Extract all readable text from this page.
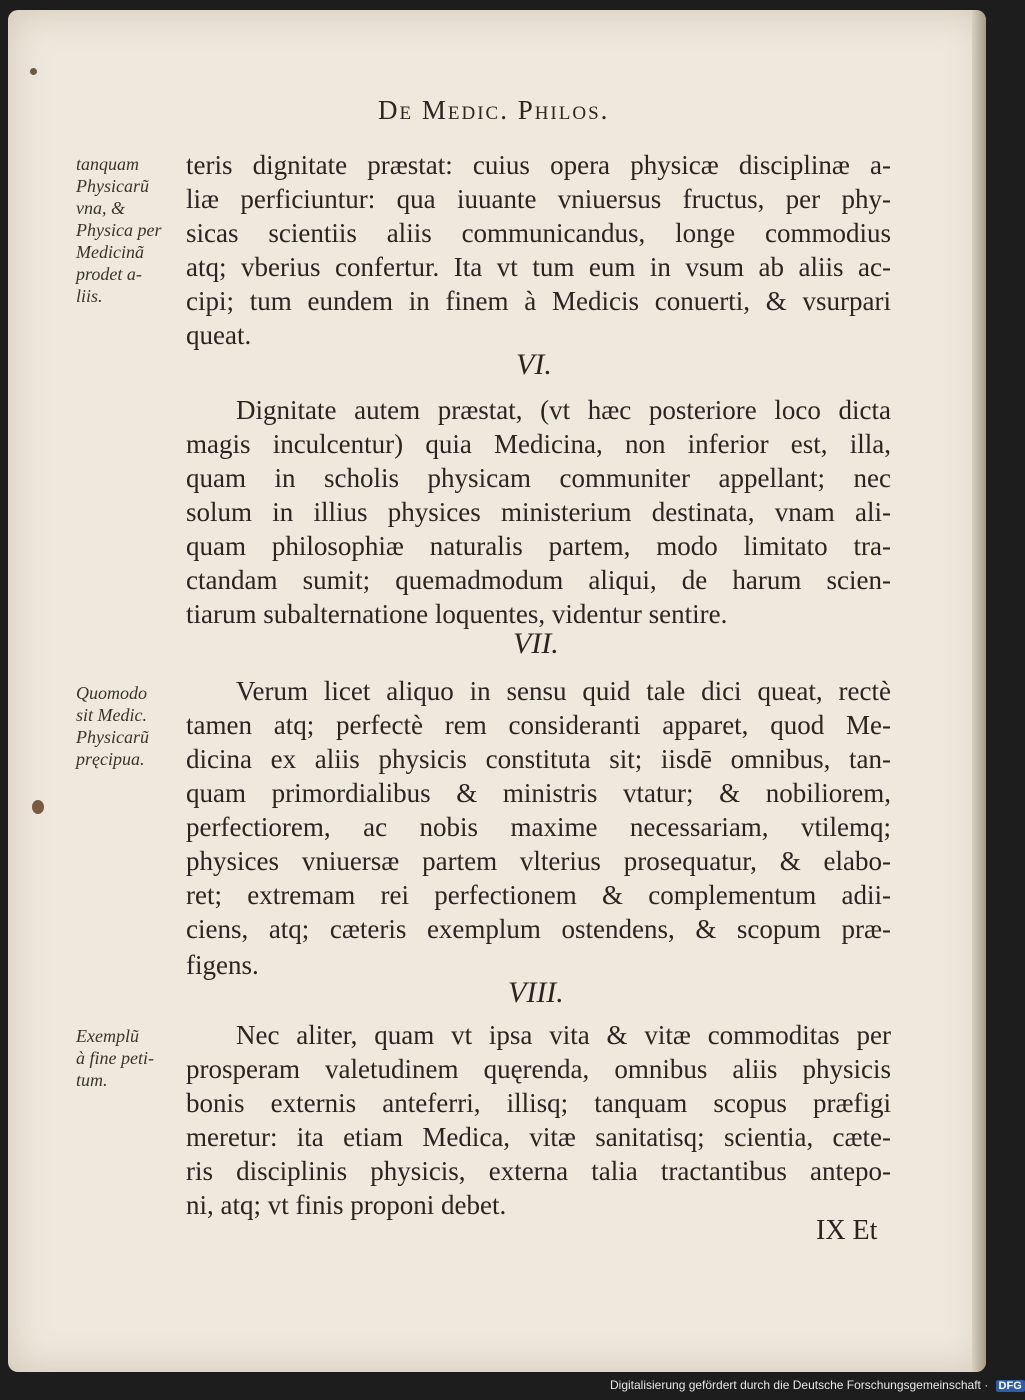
De Medic. Philos.
tanquam
Physicarũ
vna, &
Physica per
Medicinã
prodet a-
liis.
Quomodo
sit Medic.
Physicarũ
pręcipua.
Exemplũ
à fine peti-
tum.
teris dignitate præstat: cuius opera physicæ disciplinæ a-
liæ perficiuntur: qua iuuante vniuersus fructus, per phy-
sicas scientiis aliis communicandus, longe commodius
atq; vberius confertur. Ita vt tum eum in vsum ab aliis ac-
cipi; tum eundem in finem à Medicis conuerti, & vsurpari
queat.
VI.
Dignitate autem præstat, (vt hæc posteriore loco dicta
magis inculcentur) quia Medicina, non inferior est, illa,
quam in scholis physicam communiter appellant; nec
solum in illius physices ministerium destinata, vnam ali-
quam philosophiæ naturalis partem, modo limitato tra-
ctandam sumit; quemadmodum aliqui, de harum scien-
tiarum subalternatione loquentes, videntur sentire.
VII.
Verum licet aliquo in sensu quid tale dici queat, rectè
tamen atq; perfectè rem consideranti apparet, quod Me-
dicina ex aliis physicis constituta sit; iisdē omnibus, tan-
quam primordialibus & ministris vtatur; & nobiliorem,
perfectiorem, ac nobis maxime necessariam, vtilemq;
physices vniuersæ partem vlterius prosequatur, & elabo-
ret; extremam rei perfectionem & complementum adii-
ciens, atq; cæteris exemplum ostendens, & scopum præ-
figens.
VIII.
Nec aliter, quam vt ipsa vita & vitæ commoditas per
prosperam valetudinem quęrenda, omnibus aliis physicis
bonis externis anteferri, illisq; tanquam scopus præfigi
meretur: ita etiam Medica, vitæ sanitatisq; scientia, cæte-
ris disciplinis physicis, externa talia tractantibus antepo-
ni, atq; vt finis proponi debet.
IX Et
Digitalisierung gefördert durch die Deutsche Forschungsgemeinschaft · DFG
